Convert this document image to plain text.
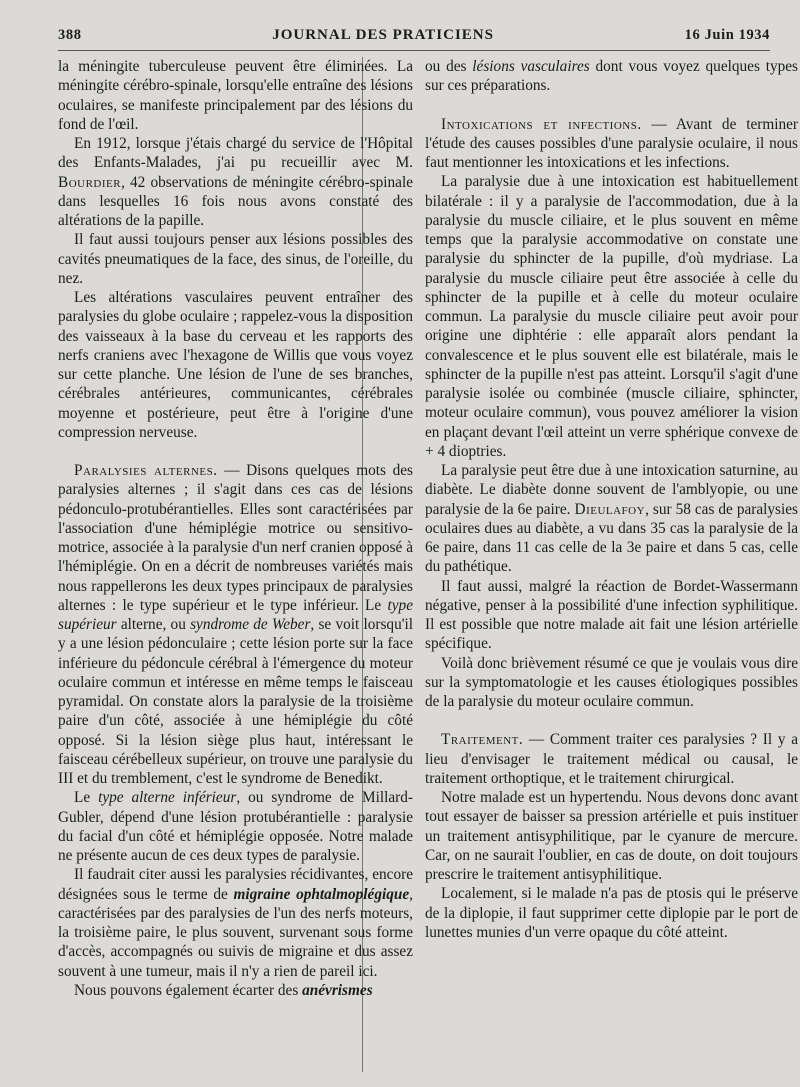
388	JOURNAL DES PRATICIENS	16 Juin 1934

la méningite tuberculeuse peuvent être éliminées. La méningite cérébro-spinale, lorsqu'elle entraîne des lésions oculaires, se manifeste principalement par des lésions du fond de l'œil.

En 1912, lorsque j'étais chargé du service de l'Hôpital des Enfants-Malades, j'ai pu recueillir avec M. Bourdier, 42 observations de méningite cérébro-spinale dans lesquelles 16 fois nous avons constaté des altérations de la papille.

Il faut aussi toujours penser aux lésions possibles des cavités pneumatiques de la face, des sinus, de l'oreille, du nez.

Les altérations vasculaires peuvent entraîner des paralysies du globe oculaire ; rappelez-vous la disposition des vaisseaux à la base du cerveau et les rapports des nerfs craniens avec l'hexagone de Willis que vous voyez sur cette planche. Une lésion de l'une de ses branches, cérébrales antérieures, communicantes, cérébrales moyenne et postérieure, peut être à l'origine d'une compression nerveuse.

Paralysies alternes. — Disons quelques mots des paralysies alternes ; il s'agit dans ces cas de lésions pédonculo-protubérantielles. Elles sont caractérisées par l'association d'une hémiplégie motrice ou sensitivo-motrice, associée à la paralysie d'un nerf cranien opposé à l'hémiplégie. On en a décrit de nombreuses variétés mais nous rappellerons les deux types principaux de paralysies alternes : le type supérieur et le type inférieur. Le type supérieur alterne, ou syndrome de Weber, se voit lorsqu'il y a une lésion pédonculaire ; cette lésion porte sur la face inférieure du pédoncule cérébral à l'émergence du moteur oculaire commun et intéresse en même temps le faisceau pyramidal. On constate alors la paralysie de la troisième paire d'un côté, associée à une hémiplégie du côté opposé. Si la lésion siège plus haut, intéressant le faisceau cérébelleux supérieur, on trouve une paralysie du III et du tremblement, c'est le syndrome de Benedikt.

Le type alterne inférieur, ou syndrome de Millard-Gubler, dépend d'une lésion protubérantielle : paralysie du facial d'un côté et hémiplégie opposée. Notre malade ne présente aucun de ces deux types de paralysie.

Il faudrait citer aussi les paralysies récidivantes, encore désignées sous le terme de migraine ophtalmoplégique, caractérisées par des paralysies de l'un des nerfs moteurs, la troisième paire, le plus souvent, survenant sous forme d'accès, accompagnés ou suivis de migraine et dus assez souvent à une tumeur, mais il n'y a rien de pareil ici.

Nous pouvons également écarter des anévrismes

ou des lésions vasculaires dont vous voyez quelques types sur ces préparations.

Intoxications et infections. — Avant de terminer l'étude des causes possibles d'une paralysie oculaire, il nous faut mentionner les intoxications et les infections.

La paralysie due à une intoxication est habituellement bilatérale : il y a paralysie de l'accommodation, due à la paralysie du muscle ciliaire, et le plus souvent en même temps que la paralysie accommodative on constate une paralysie du sphincter de la pupille, d'où mydriase. La paralysie du muscle ciliaire peut être associée à celle du sphincter de la pupille et à celle du moteur oculaire commun. La paralysie du muscle ciliaire peut avoir pour origine une diphtérie : elle apparaît alors pendant la convalescence et le plus souvent elle est bilatérale, mais le sphincter de la pupille n'est pas atteint. Lorsqu'il s'agit d'une paralysie isolée ou combinée (muscle ciliaire, sphincter, moteur oculaire commun), vous pouvez améliorer la vision en plaçant devant l'œil atteint un verre sphérique convexe de + 4 dioptries.

La paralysie peut être due à une intoxication saturnine, au diabète. Le diabète donne souvent de l'amblyopie, ou une paralysie de la 6e paire. Dieulafoy, sur 58 cas de paralysies oculaires dues au diabète, a vu dans 35 cas la paralysie de la 6e paire, dans 11 cas celle de la 3e paire et dans 5 cas, celle du pathétique.

Il faut aussi, malgré la réaction de Bordet-Wassermann négative, penser à la possibilité d'une infection syphilitique. Il est possible que notre malade ait fait une lésion artérielle spécifique.

Voilà donc brièvement résumé ce que je voulais vous dire sur la symptomatologie et les causes étiologiques possibles de la paralysie du moteur oculaire commun.

Traitement. — Comment traiter ces paralysies ? Il y a lieu d'envisager le traitement médical ou causal, le traitement orthoptique, et le traitement chirurgical.

Notre malade est un hypertendu. Nous devons donc avant tout essayer de baisser sa pression artérielle et puis instituer un traitement antisyphilitique, par le cyanure de mercure. Car, on ne saurait l'oublier, en cas de doute, on doit toujours prescrire le traitement antisyphilitique.

Localement, si le malade n'a pas de ptosis qui le préserve de la diplopie, il faut supprimer cette diplopie par le port de lunettes munies d'un verre opaque du côté atteint.
